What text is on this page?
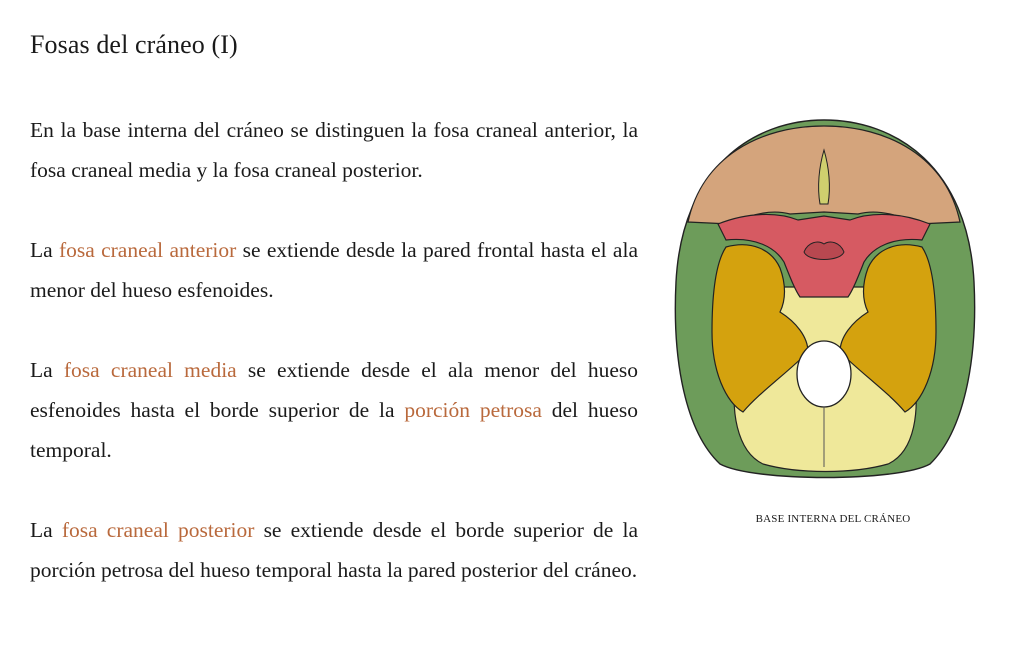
Fosas del cráneo (I)

En la base interna del cráneo se distinguen la fosa craneal anterior, la fosa craneal media y la fosa craneal posterior.

La fosa craneal anterior se extiende desde la pared frontal hasta el ala menor del hueso esfenoides.

La fosa craneal media se extiende desde el ala menor del hueso esfenoides hasta el borde superior de la porción petrosa del hueso temporal.

La fosa craneal posterior se extiende desde el borde superior de la porción petrosa del hueso temporal hasta la pared posterior del cráneo.

BASE INTERNA DEL CRÁNEO
